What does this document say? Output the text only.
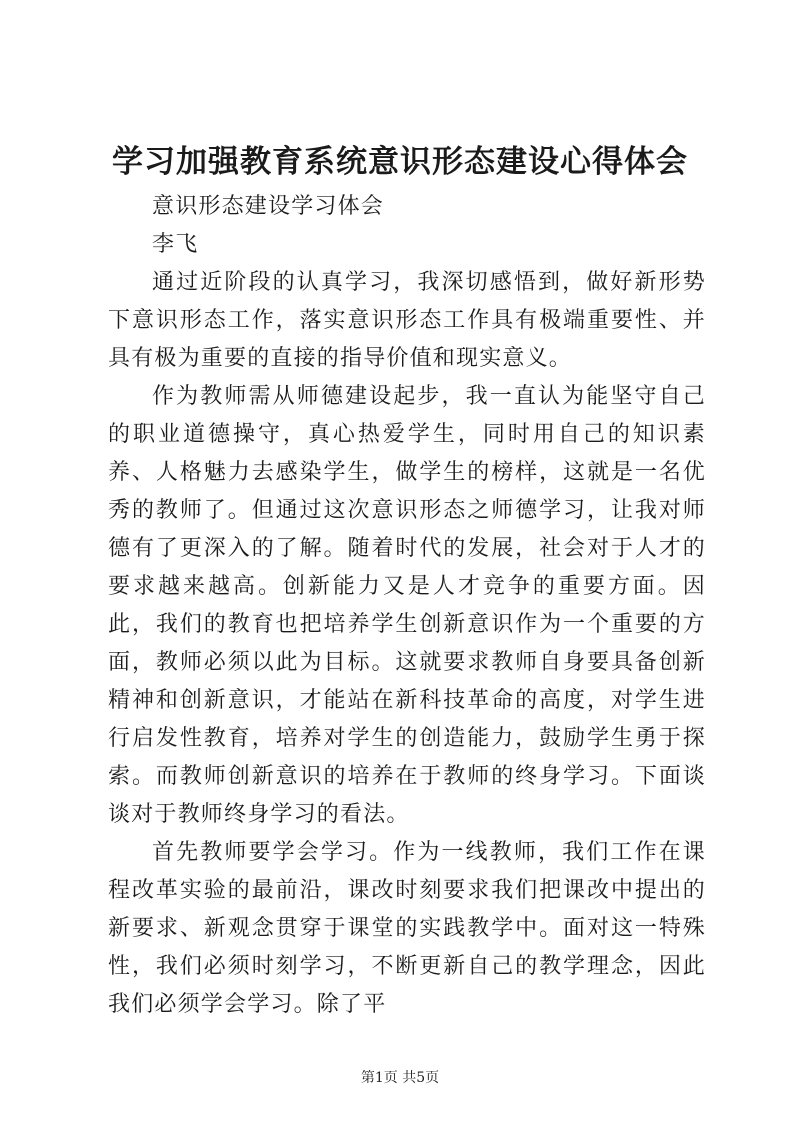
学习加强教育系统意识形态建设心得体会

意识形态建设学习体会

李飞

通过近阶段的认真学习，我深切感悟到，做好新形势下意识形态工作，落实意识形态工作具有极端重要性、并具有极为重要的直接的指导价值和现实意义。

作为教师需从师德建设起步，我一直认为能坚守自己的职业道德操守，真心热爱学生，同时用自己的知识素养、人格魅力去感染学生，做学生的榜样，这就是一名优秀的教师了。但通过这次意识形态之师德学习，让我对师德有了更深入的了解。随着时代的发展，社会对于人才的要求越来越高。创新能力又是人才竞争的重要方面。因此，我们的教育也把培养学生创新意识作为一个重要的方面，教师必须以此为目标。这就要求教师自身要具备创新精神和创新意识，才能站在新科技革命的高度，对学生进行启发性教育，培养对学生的创造能力，鼓励学生勇于探索。而教师创新意识的培养在于教师的终身学习。下面谈谈对于教师终身学习的看法。

首先教师要学会学习。作为一线教师，我们工作在课程改革实验的最前沿，课改时刻要求我们把课改中提出的新要求、新观念贯穿于课堂的实践教学中。面对这一特殊性，我们必须时刻学习，不断更新自己的教学理念，因此我们必须学会学习。除了平

第1页 共5页
